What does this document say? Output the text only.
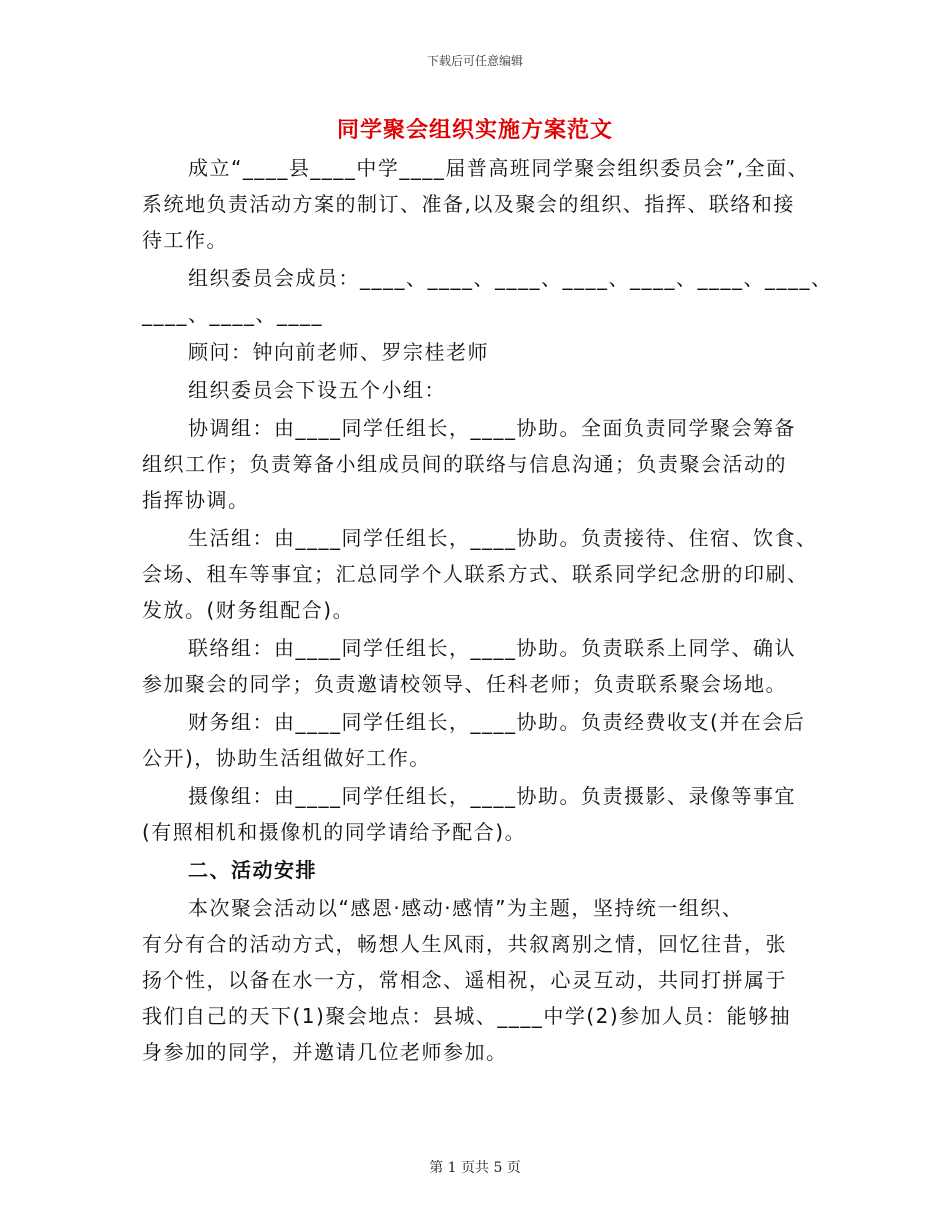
下载后可任意编辑
同学聚会组织实施方案范文
成立“____县____中学____届普高班同学聚会组织委员会”,全面、
系统地负责活动方案的制订、准备,以及聚会的组织、指挥、联络和接
待工作。
组织委员会成员：____、____、____、____、____、____、____、
____、____、____
顾问：钟向前老师、罗宗桂老师
组织委员会下设五个小组：
协调组：由____同学任组长，____协助。全面负责同学聚会筹备
组织工作；负责筹备小组成员间的联络与信息沟通；负责聚会活动的
指挥协调。
生活组：由____同学任组长，____协助。负责接待、住宿、饮食、
会场、租车等事宜；汇总同学个人联系方式、联系同学纪念册的印刷、
发放。(财务组配合)。
联络组：由____同学任组长，____协助。负责联系上同学、确认
参加聚会的同学；负责邀请校领导、任科老师；负责联系聚会场地。
财务组：由____同学任组长，____协助。负责经费收支(并在会后
公开)，协助生活组做好工作。
摄像组：由____同学任组长，____协助。负责摄影、录像等事宜
(有照相机和摄像机的同学请给予配合)。
二、活动安排
本次聚会活动以“感恩·感动·感情”为主题，坚持统一组织、
有分有合的活动方式，畅想人生风雨，共叙离别之情，回忆往昔，张
扬个性，以备在水一方，常相念、遥相祝，心灵互动，共同打拼属于
我们自己的天下(1)聚会地点：县城、____中学(2)参加人员：能够抽
身参加的同学，并邀请几位老师参加。
第 1 页共 5 页
